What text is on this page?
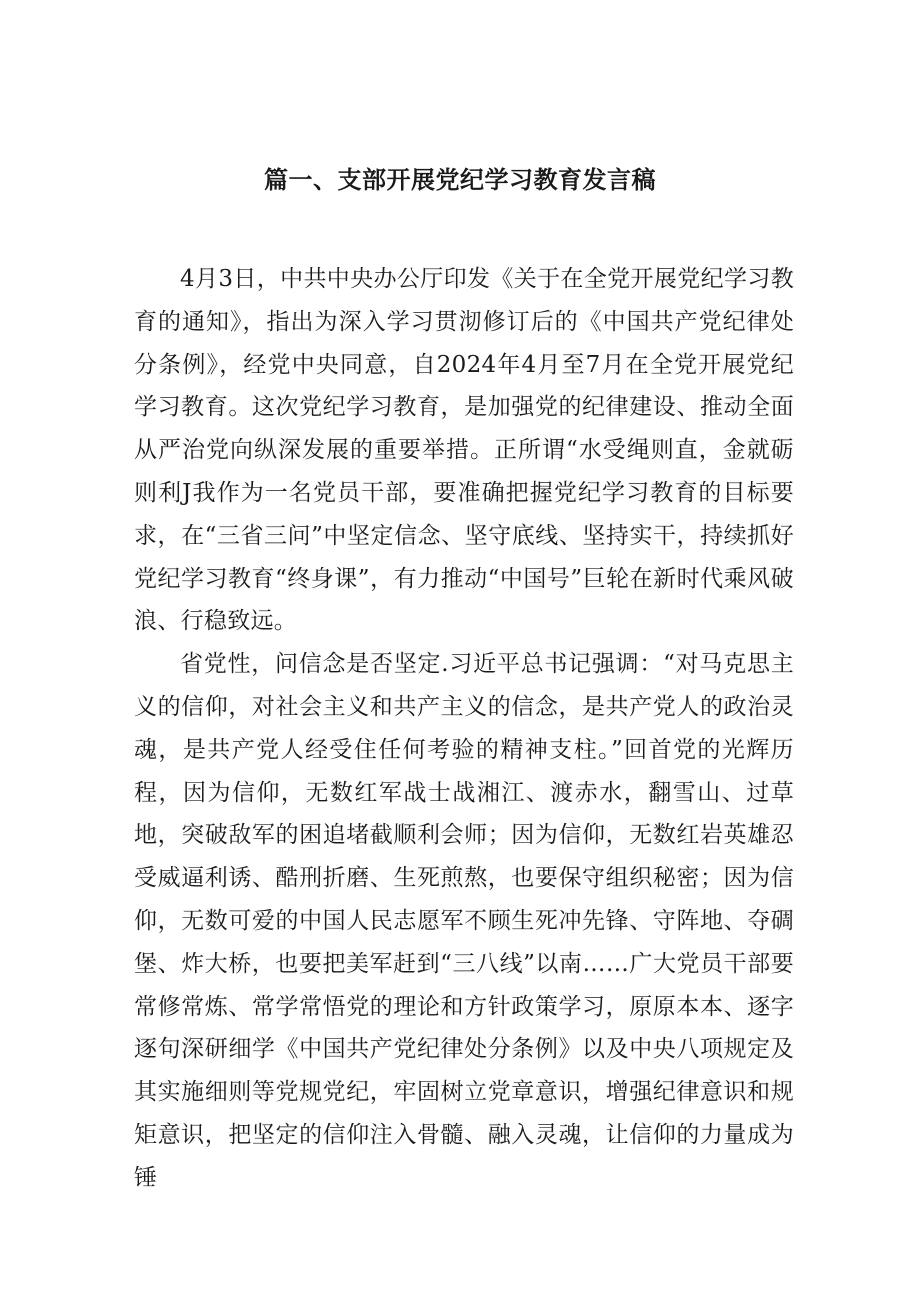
篇一、支部开展党纪学习教育发言稿

4月3日，中共中央办公厅印发《关于在全党开展党纪学习教育的通知》，指出为深入学习贯沏修订后的《中国共产党纪律处分条例》，经党中央同意，自2024年4月至7月在全党开展党纪学习教育。这次党纪学习教育，是加强党的纪律建设、推动全面从严治党向纵深发展的重要举措。正所谓“水受绳则直，金就砺则利J我作为一名党员干部，要准确把握党纪学习教育的目标要求，在“三省三问”中坚定信念、坚守底线、坚持实干，持续抓好党纪学习教育“终身课”，有力推动“中国号”巨轮在新时代乘风破浪、行稳致远。

省党性，问信念是否坚定.习近平总书记强调：“对马克思主义的信仰，对社会主义和共产主义的信念，是共产党人的政治灵魂，是共产党人经受住任何考验的精神支柱。”回首党的光辉历程，因为信仰，无数红军战士战湘江、渡赤水，翻雪山、过草地，突破敌军的困追堵截顺利会师；因为信仰，无数红岩英雄忍受威逼利诱、酷刑折磨、生死煎熬，也要保守组织秘密；因为信仰，无数可爱的中国人民志愿军不顾生死冲先锋、守阵地、夺碉堡、炸大桥，也要把美军赶到“三八线”以南……广大党员干部要常修常炼、常学常悟党的理论和方针政策学习，原原本本、逐字逐句深研细学《中国共产党纪律处分条例》以及中央八项规定及其实施细则等党规党纪，牢固树立党章意识，增强纪律意识和规矩意识，把坚定的信仰注入骨髓、融入灵魂，让信仰的力量成为锤
